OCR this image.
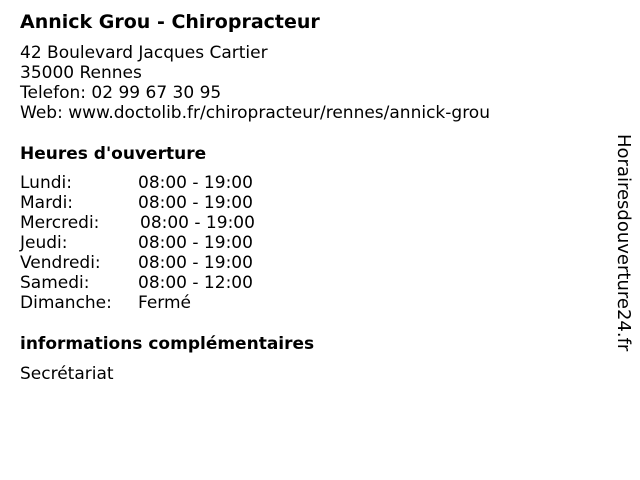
Annick Grou - Chiropracteur
42 Boulevard Jacques Cartier
35000 Rennes
Telefon: 02 99 67 30 95
Web: www.doctolib.fr/chiropracteur/rennes/annick-grou
Heures d'ouverture
Lundi:	08:00 - 19:00
Mardi:	08:00 - 19:00
Mercredi: 08:00 - 19:00
Jeudi:	08:00 - 19:00
Vendredi: 08:00 - 19:00
Samedi:	08:00 - 12:00
Dimanche: Fermé
informations complémentaires
Secrétariat
Horairesdouverture24.fr
